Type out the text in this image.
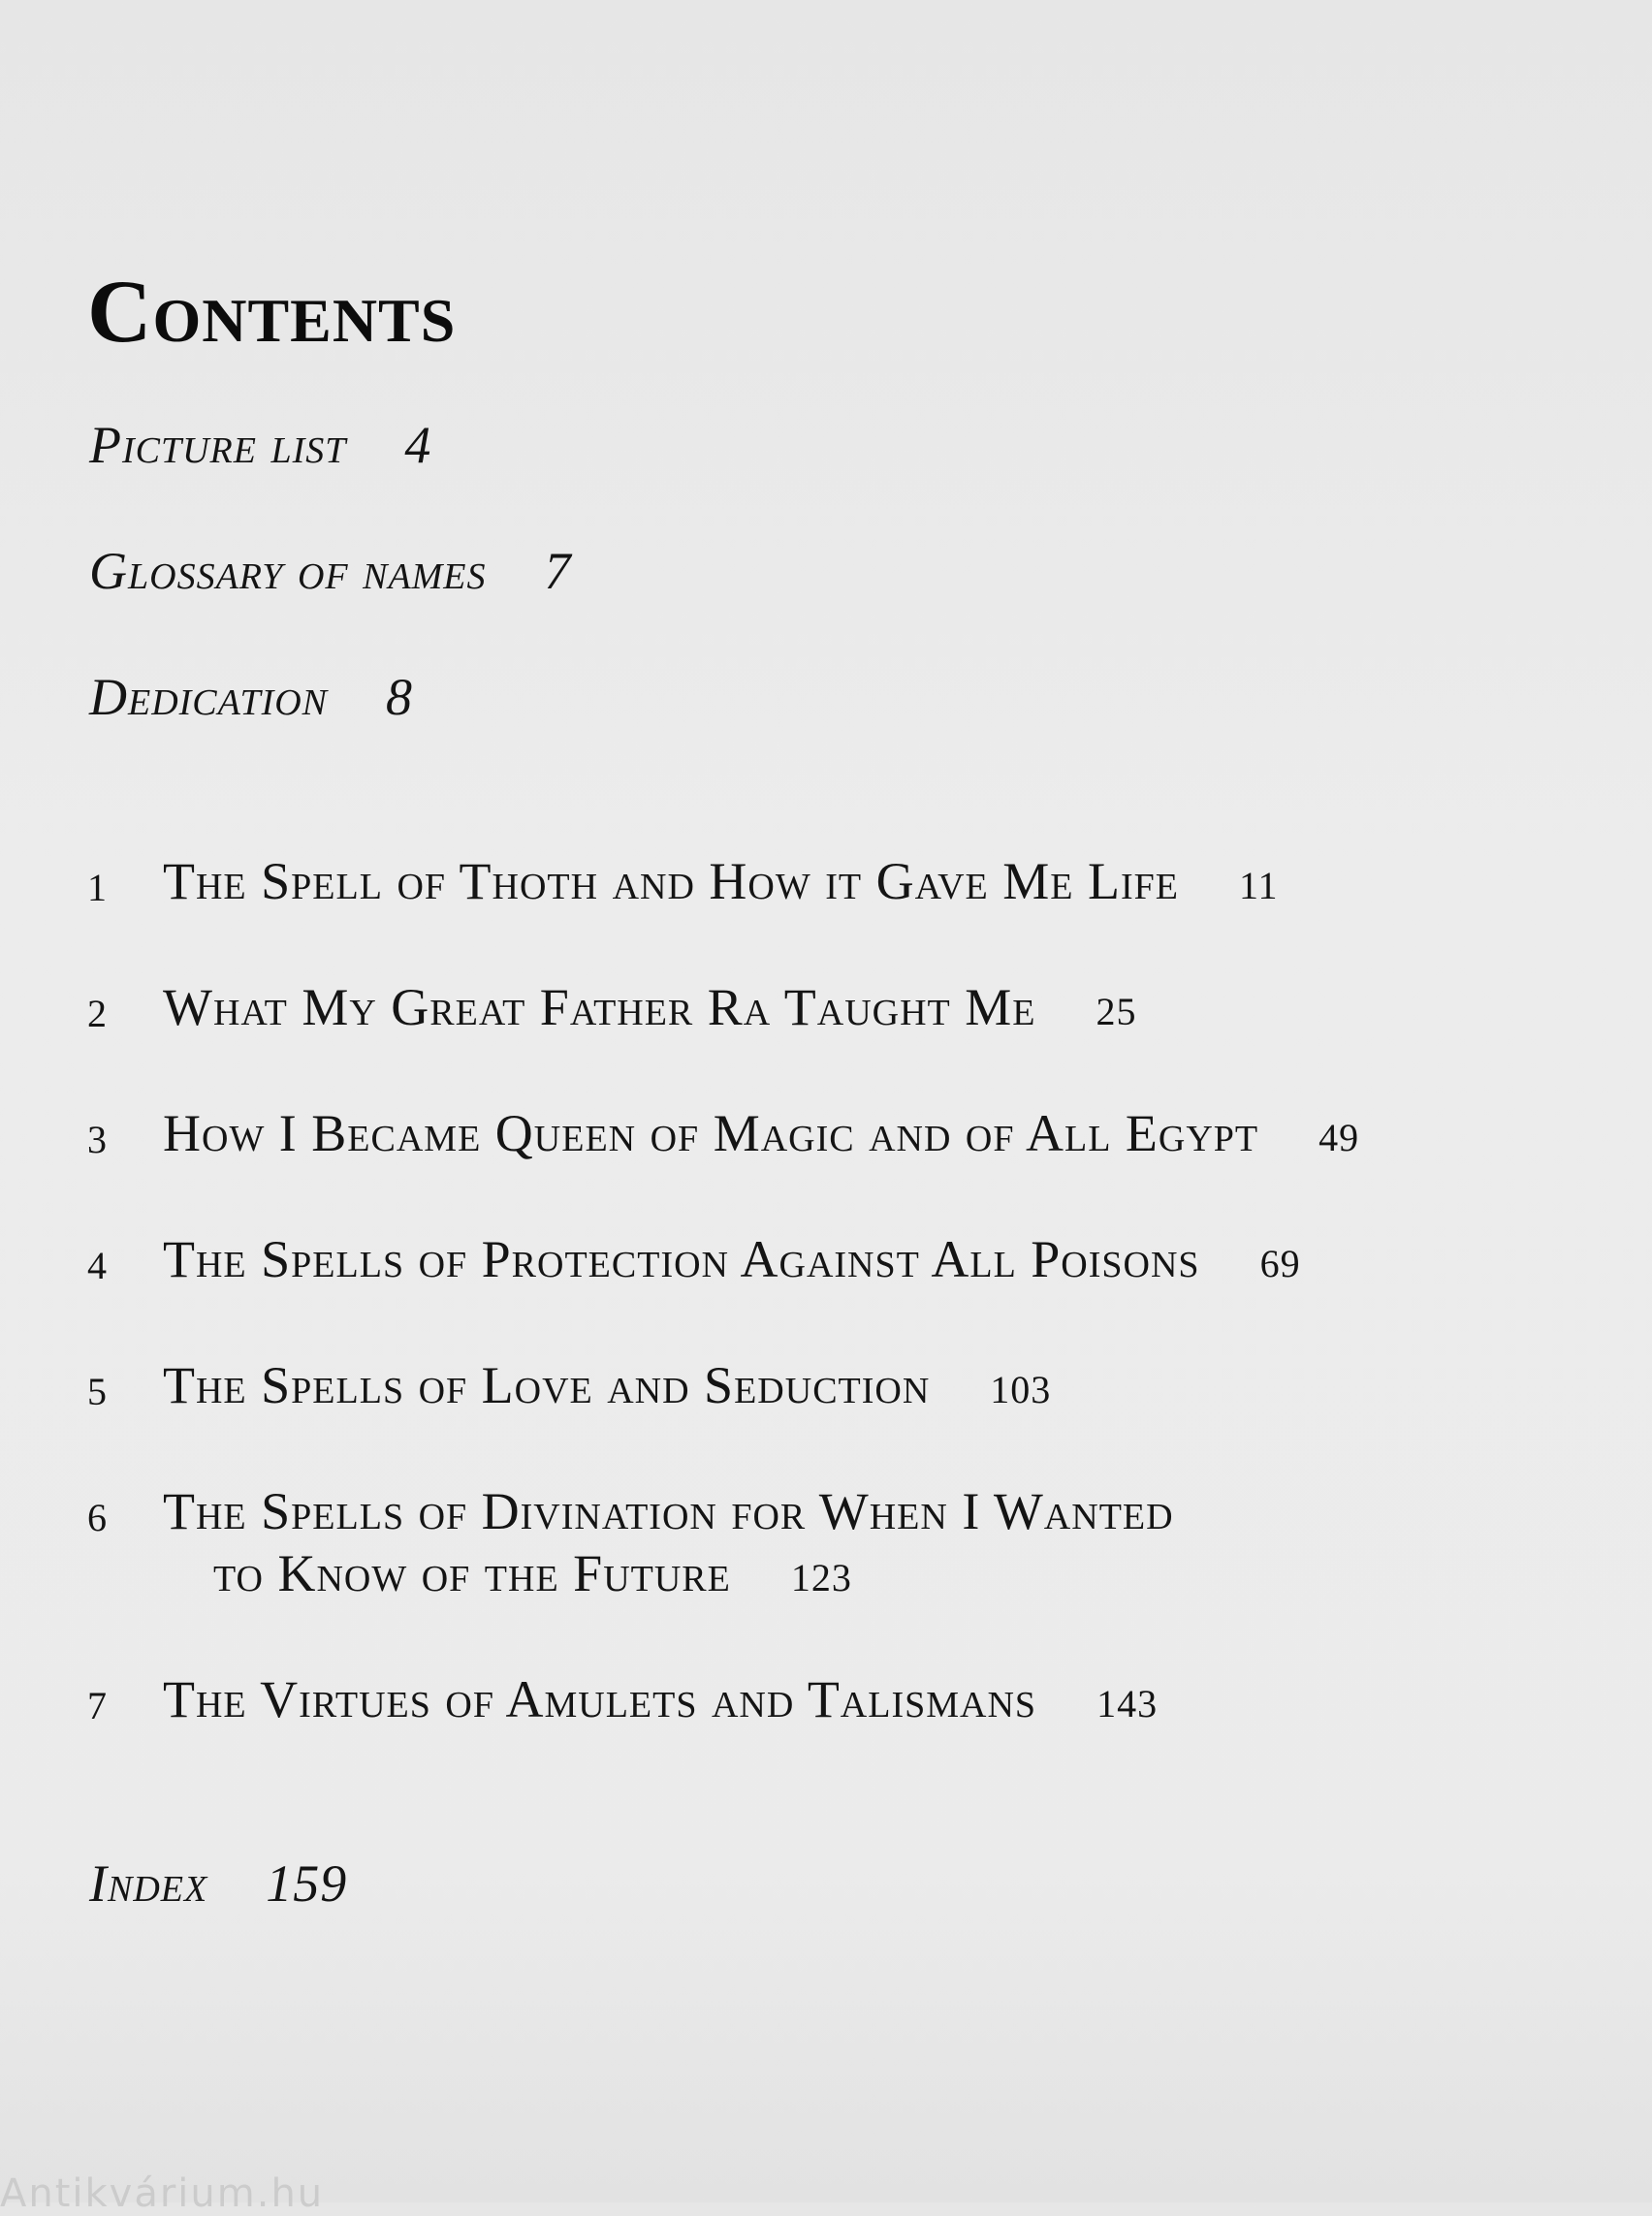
Contents
Picture list 4
Glossary of names 7
Dedication 8
1 The Spell of Thoth and How it Gave Me Life 11
2 What My Great Father Ra Taught Me 25
3 How I Became Queen of Magic and of All Egypt 49
4 The Spells of Protection Against All Poisons 69
5 The Spells of Love and Seduction 103
6 The Spells of Divination for When I Wanted
to Know of the Future 123
7 The Virtues of Amulets and Talismans 143
Index 159
Antikvárium.hu
